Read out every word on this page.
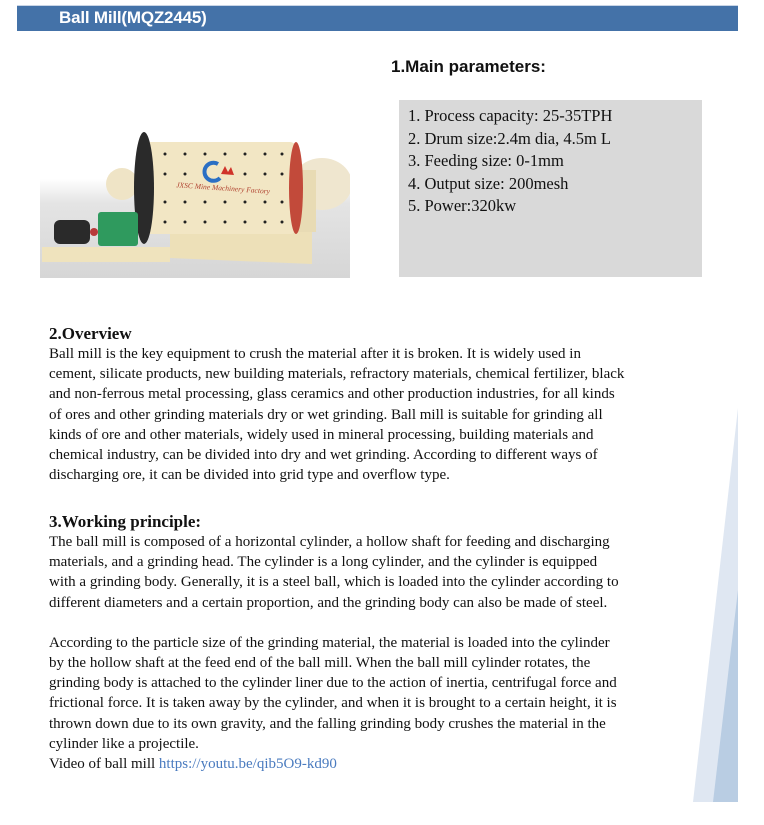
Ball Mill(MQZ2445)
JXSC Mine Machinery Factory
1.Main parameters:
1. Process capacity: 25-35TPH
2. Drum size:2.4m dia, 4.5m L
3. Feeding size: 0-1mm
4. Output size: 200mesh
5. Power:320kw
2.Overview

Ball mill is the key equipment to crush the material after it is broken. It is widely used in

cement, silicate products, new building materials, refractory materials, chemical fertilizer, black

and non-ferrous metal processing, glass ceramics and other production industries, for all kinds

of ores and other grinding materials dry or wet grinding. Ball mill is suitable for grinding all

kinds of ore and other materials, widely used in mineral processing, building materials and

chemical industry, can be divided into dry and wet grinding. According to different ways of

discharging ore, it can be divided into grid type and overflow type.

3.Working principle:

The ball mill is composed of a horizontal cylinder, a hollow shaft for feeding and discharging

materials, and a grinding head. The cylinder is a long cylinder, and the cylinder is equipped

with a grinding body. Generally, it is a steel ball, which is loaded into the cylinder according to

different diameters and a certain proportion, and the grinding body can also be made of steel.

According to the particle size of the grinding material, the material is loaded into the cylinder

by the hollow shaft at the feed end of the ball mill. When the ball mill cylinder rotates, the

grinding body is attached to the cylinder liner due to the action of inertia, centrifugal force and

frictional force. It is taken away by the cylinder, and when it is brought to a certain height, it is

thrown down due to its own gravity, and the falling grinding body crushes the material in the

cylinder like a projectile.

Video of ball mill https://youtu.be/qib5O9-kd90
